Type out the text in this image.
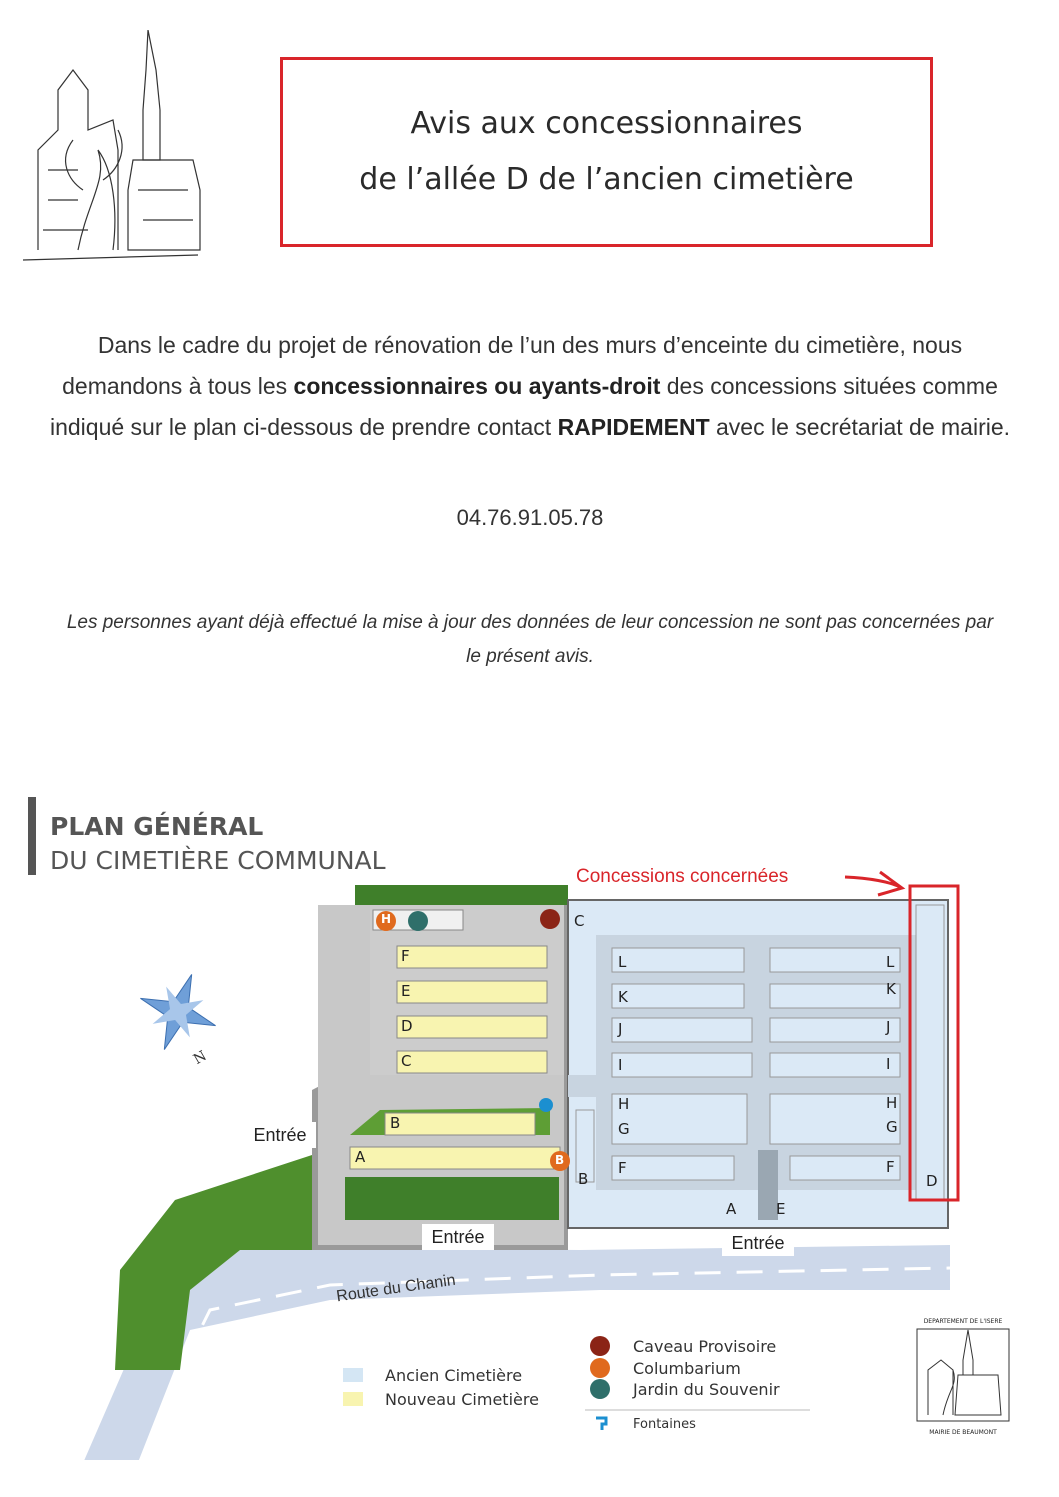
Avis aux concessionnaires
de l’allée D de l’ancien cimetière
Dans le cadre du projet de rénovation de l’un des murs d’enceinte du cimetière, nous demandons à tous les concessionnaires ou ayants-droit des concessions situées comme indiqué sur le plan ci-dessous de prendre contact RAPIDEMENT avec le secrétariat de mairie.
04.76.91.05.78
Les personnes ayant déjà effectué la mise à jour des données de leur concession ne sont pas concernées par le présent avis.
PLAN GÉNÉRAL
DU CIMETIÈRE COMMUNAL
Concessions concernées
Entrée
Entrée	Entrée
Route du Chanin
N
F
E
D
C
B
A
L
K
J
I
H
G
F
L
K
J
I
H
G
F
C
B
A	E
D
H
B
Ancien Cimetière
Nouveau Cimetière
Caveau Provisoire
Columbarium
Jardin du Souvenir
Fontaines
DEPARTEMENT DE L'ISERE
MAIRIE DE BEAUMONT
